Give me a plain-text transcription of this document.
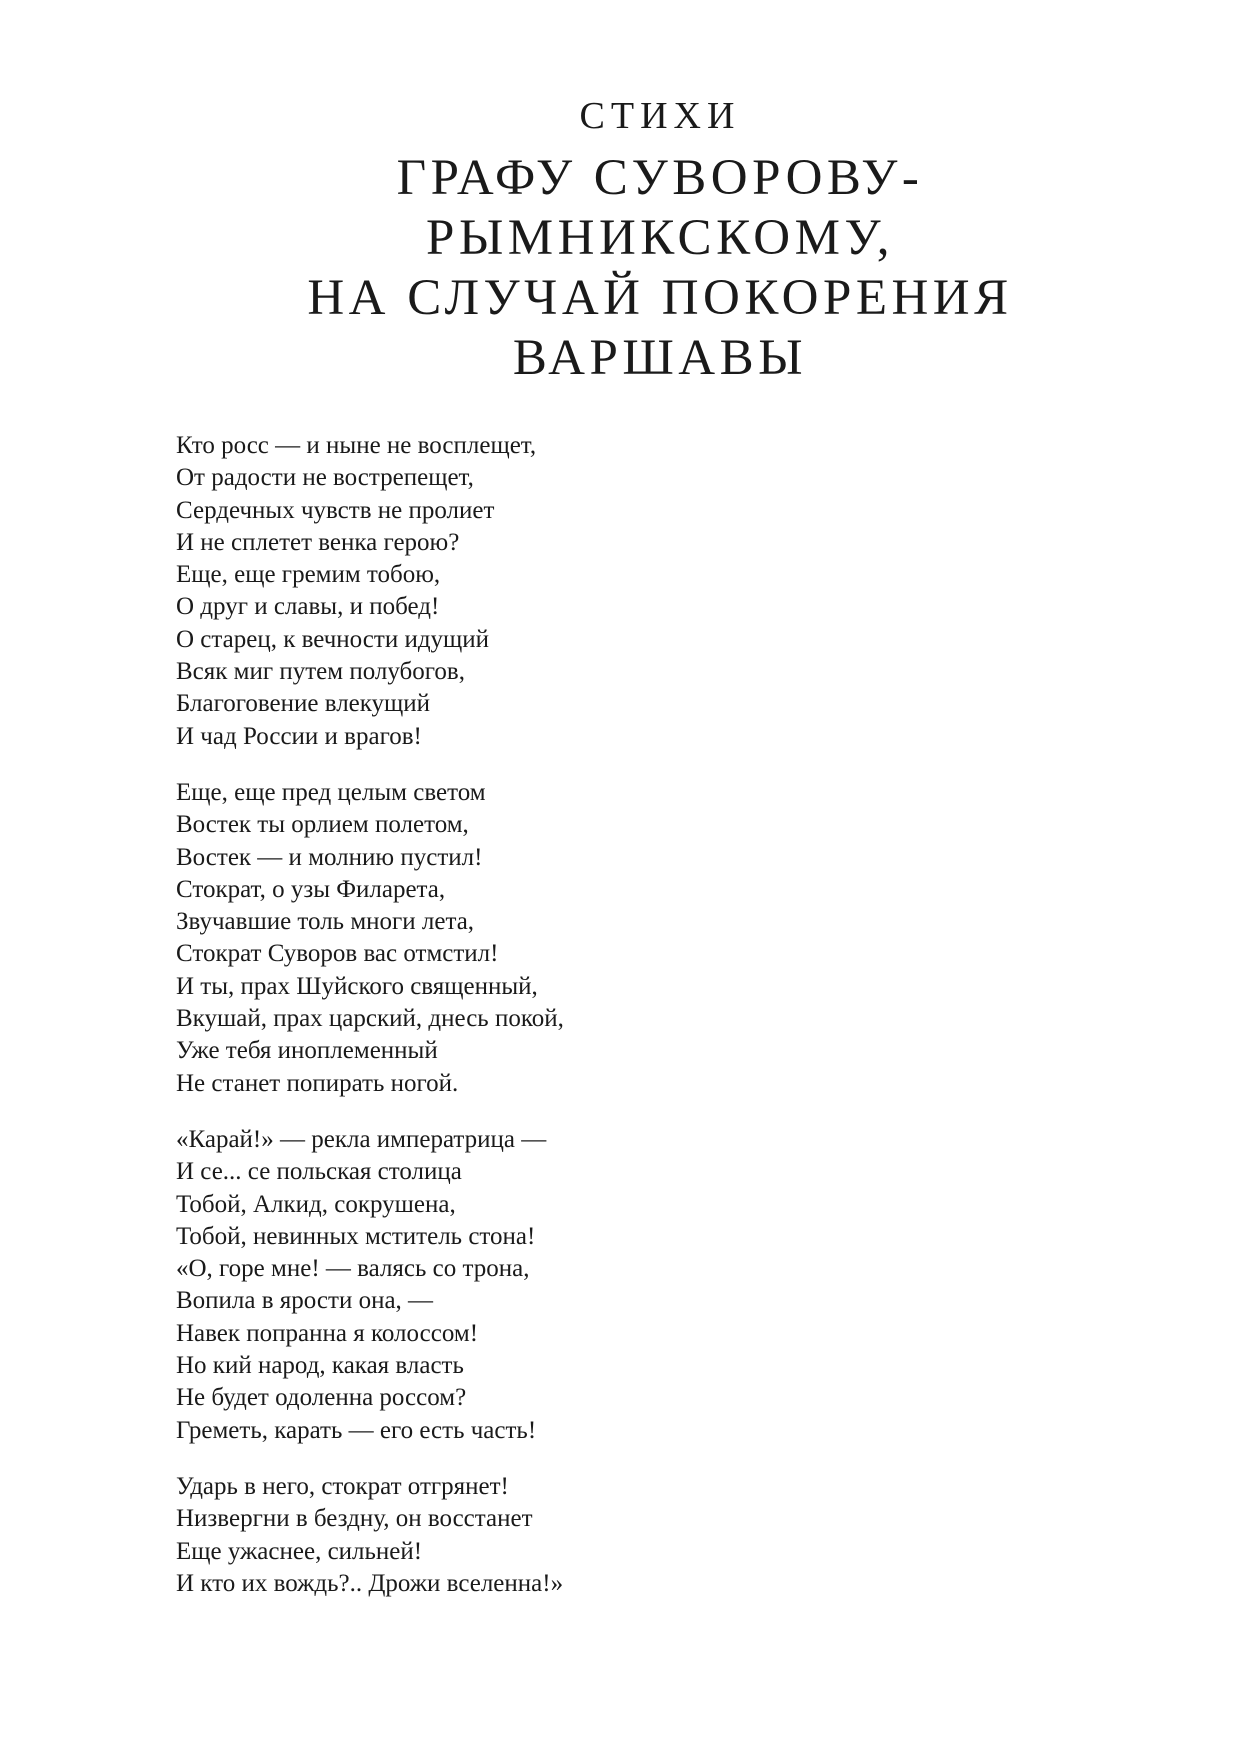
СТИХИ
ГРАФУ СУВОРОВУ-
РЫМНИКСКОМУ,
НА СЛУЧАЙ ПОКОРЕНИЯ
ВАРШАВЫ
Кто росс — и ныне не восплещет,
От радости не вострепещет,
Сердечных чувств не пролиет
И не сплетет венка герою?
Еще, еще гремим тобою,
О друг и славы, и побед!
О старец, к вечности идущий
Всяк миг путем полубогов,
Благоговение влекущий
И чад России и врагов!
Еще, еще пред целым светом
Востек ты орлием полетом,
Востек — и молнию пустил!
Стократ, о узы Филарета,
Звучавшие толь многи лета,
Стократ Суворов вас отмстил!
И ты, прах Шуйского священный,
Вкушай, прах царский, днесь покой,
Уже тебя иноплеменный
Не станет попирать ногой.
«Карай!» — рекла императрица —
И се... се польская столица
Тобой, Алкид, сокрушена,
Тобой, невинных мститель стона!
«О, горе мне! — валясь со трона,
Вопила в ярости она, —
Навек попранна я колоссом!
Но кий народ, какая власть
Не будет одоленна россом?
Греметь, карать — его есть часть!
Ударь в него, стократ отгрянет!
Низвергни в бездну, он восстанет
Еще ужаснее, сильней!
И кто их вождь?.. Дрожи вселенна!»
